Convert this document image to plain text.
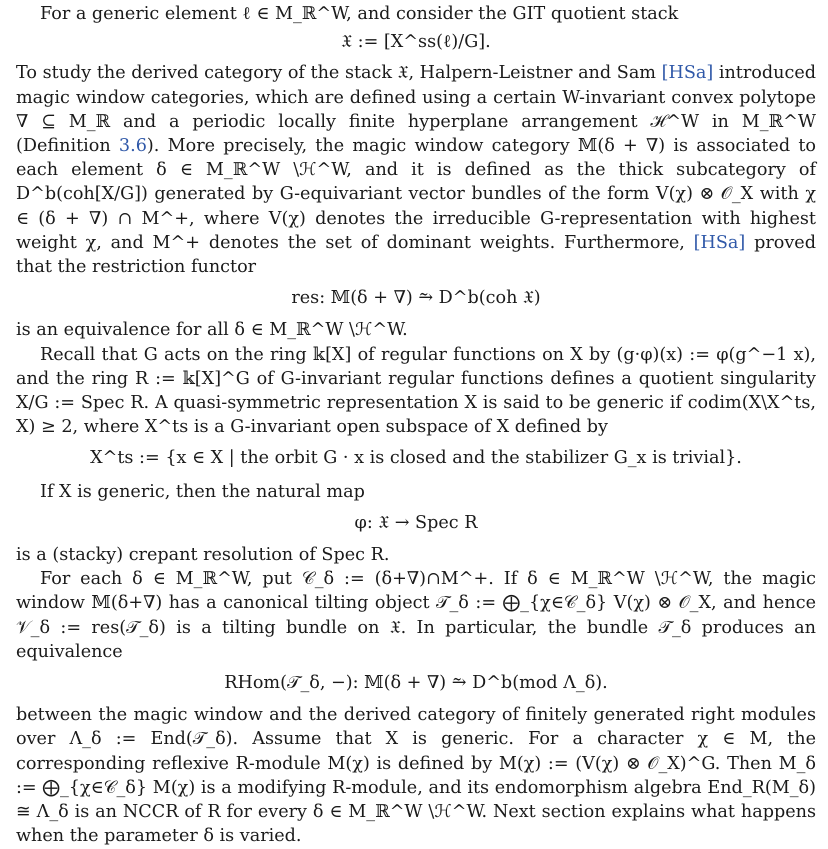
For a generic element ℓ ∈ M_ℝ^W, and consider the GIT quotient stack

𝔛 := [X^ss(ℓ)/G].

To study the derived category of the stack 𝔛, Halpern-Leistner and Sam [HSa] introduced magic window categories, which are defined using a certain W-invariant convex polytope ∇ ⊆ M_ℝ and a periodic locally finite hyperplane arrangement ℋ^W in M_ℝ^W (Definition 3.6). More precisely, the magic window category 𝕄(δ + ∇) is associated to each element δ ∈ M_ℝ^W \ℋ^W, and it is defined as the thick subcategory of D^b(coh[X/G]) generated by G-equivariant vector bundles of the form V(χ) ⊗ 𝒪_X with χ ∈ (δ + ∇) ∩ M^+, where V(χ) denotes the irreducible G-representation with highest weight χ, and M^+ denotes the set of dominant weights. Furthermore, [HSa] proved that the restriction functor

res: 𝕄(δ + ∇) ⥲ D^b(coh 𝔛)

is an equivalence for all δ ∈ M_ℝ^W \ℋ^W.

Recall that G acts on the ring 𝕜[X] of regular functions on X by (g·φ)(x) := φ(g^−1 x), and the ring R := 𝕜[X]^G of G-invariant regular functions defines a quotient singularity X/G := Spec R. A quasi-symmetric representation X is said to be generic if codim(X\X^ts, X) ≥ 2, where X^ts is a G-invariant open subspace of X defined by

X^ts := {x ∈ X | the orbit G · x is closed and the stabilizer G_x is trivial}.

If X is generic, then the natural map

φ: 𝔛 → Spec R

is a (stacky) crepant resolution of Spec R.

For each δ ∈ M_ℝ^W, put 𝒞_δ := (δ+∇)∩M^+. If δ ∈ M_ℝ^W \ℋ^W, the magic window 𝕄(δ+∇) has a canonical tilting object 𝒯_δ := ⨁_{χ∈𝒞_δ} V(χ) ⊗ 𝒪_X, and hence 𝒱_δ := res(𝒯_δ) is a tilting bundle on 𝔛. In particular, the bundle 𝒯_δ produces an equivalence

RHom(𝒯_δ, −): 𝕄(δ + ∇) ⥲ D^b(mod Λ_δ).

between the magic window and the derived category of finitely generated right modules over Λ_δ := End(𝒯_δ). Assume that X is generic. For a character χ ∈ M, the corresponding reflexive R-module M(χ) is defined by M(χ) := (V(χ) ⊗ 𝒪_X)^G. Then M_δ := ⨁_{χ∈𝒞_δ} M(χ) is a modifying R-module, and its endomorphism algebra End_R(M_δ) ≅ Λ_δ is an NCCR of R for every δ ∈ M_ℝ^W \ℋ^W. Next section explains what happens when the parameter δ is varied.
